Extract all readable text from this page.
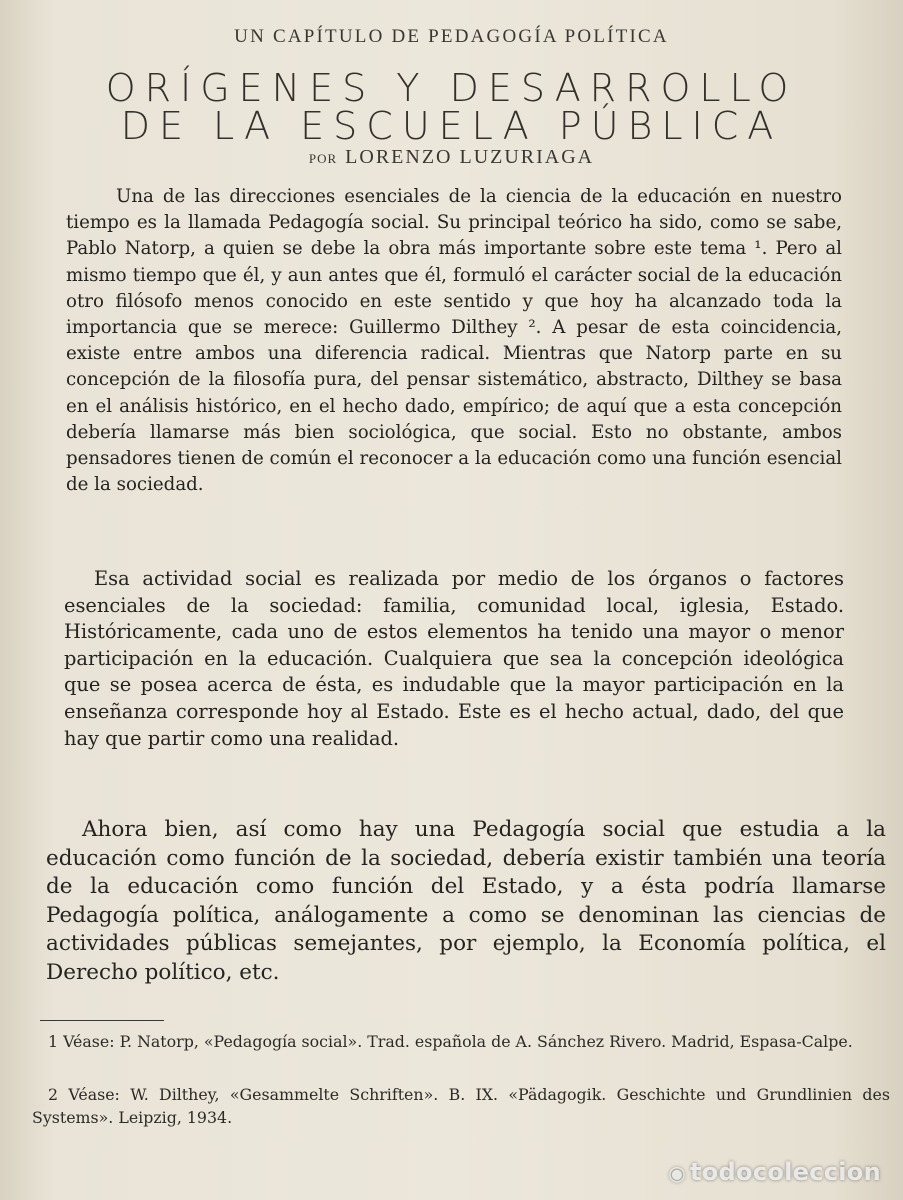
UN CAPÍTULO DE PEDAGOGÍA POLÍTICA
ORÍGENES Y DESARROLLO
DE LA ESCUELA PÚBLICA
POR LORENZO LUZURIAGA

Una de las direcciones esenciales de la ciencia de la educación en nuestro tiempo es la llamada Pedagogía social. Su principal teórico ha sido, como se sabe, Pablo Natorp, a quien se debe la obra más importante sobre este tema ¹. Pero al mismo tiempo que él, y aun antes que él, formuló el carácter social de la educación otro filósofo menos conocido en este sentido y que hoy ha alcanzado toda la importancia que se merece: Guillermo Dilthey ². A pesar de esta coincidencia, existe entre ambos una diferencia radical. Mientras que Natorp parte en su concepción de la filosofía pura, del pensar sistemático, abstracto, Dilthey se basa en el análisis histórico, en el hecho dado, empírico; de aquí que a esta concepción debería llamarse más bien sociológica, que social. Esto no obstante, ambos pensadores tienen de común el reconocer a la educación como una función esencial de la sociedad.

Esa actividad social es realizada por medio de los órganos o factores esenciales de la sociedad: familia, comunidad local, iglesia, Estado. Históricamente, cada uno de estos elementos ha tenido una mayor o menor participación en la educación. Cualquiera que sea la concepción ideológica que se posea acerca de ésta, es indudable que la mayor participación en la enseñanza corresponde hoy al Estado. Este es el hecho actual, dado, del que hay que partir como una realidad.

Ahora bien, así como hay una Pedagogía social que estudia a la educación como función de la sociedad, debería existir también una teoría de la educación como función del Estado, y a ésta podría llamarse Pedagogía política, análogamente a como se denominan las ciencias de actividades públicas semejantes, por ejemplo, la Economía política, el Derecho político, etc.

1 Véase: P. Natorp, «Pedagogía social». Trad. española de A. Sánchez Rivero. Madrid, Espasa-Calpe.

2 Véase: W. Dilthey, «Gesammelte Schriften». B. IX. «Pädagogik. Geschichte und Grundlinien des Systems». Leipzig, 1934.

◉ todocoleccion
